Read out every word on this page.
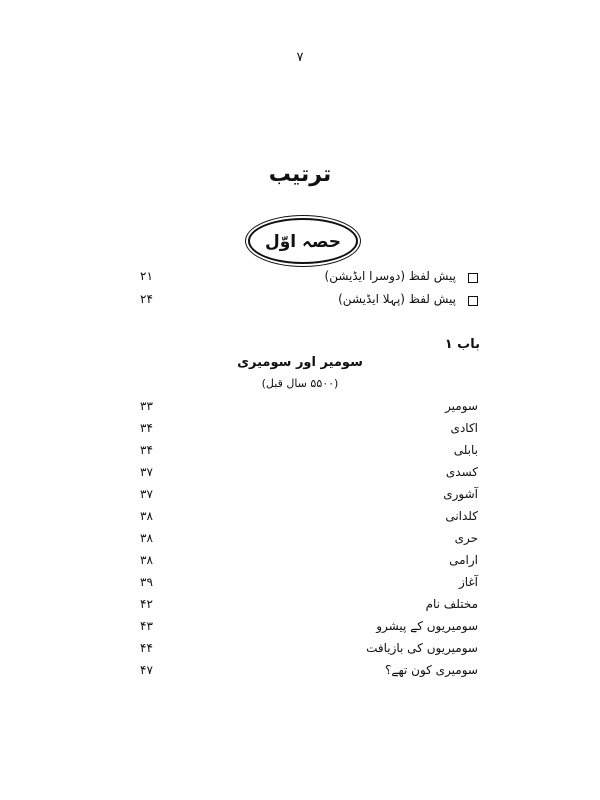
۷
ترتیب
حصہ اوّل
پیش لفظ (دوسرا ایڈیشن)
۲۱
پیش لفظ (پہلا ایڈیشن)
۲۴
باب ۱
سومیر اور سومیری
(۵۵۰۰ سال قبل)
سومیر
۳۳
اکادی
۳۴
بابلی
۳۴
کسدی
۳۷
آشوری
۳۷
کلدانی
۳۸
حری
۳۸
ارامی
۳۸
آغاز
۳۹
مختلف نام
۴۲
سومیریوں کے پیشرو
۴۳
سومیریوں کی بازیافت
۴۴
سومیری کون تھے؟
۴۷
